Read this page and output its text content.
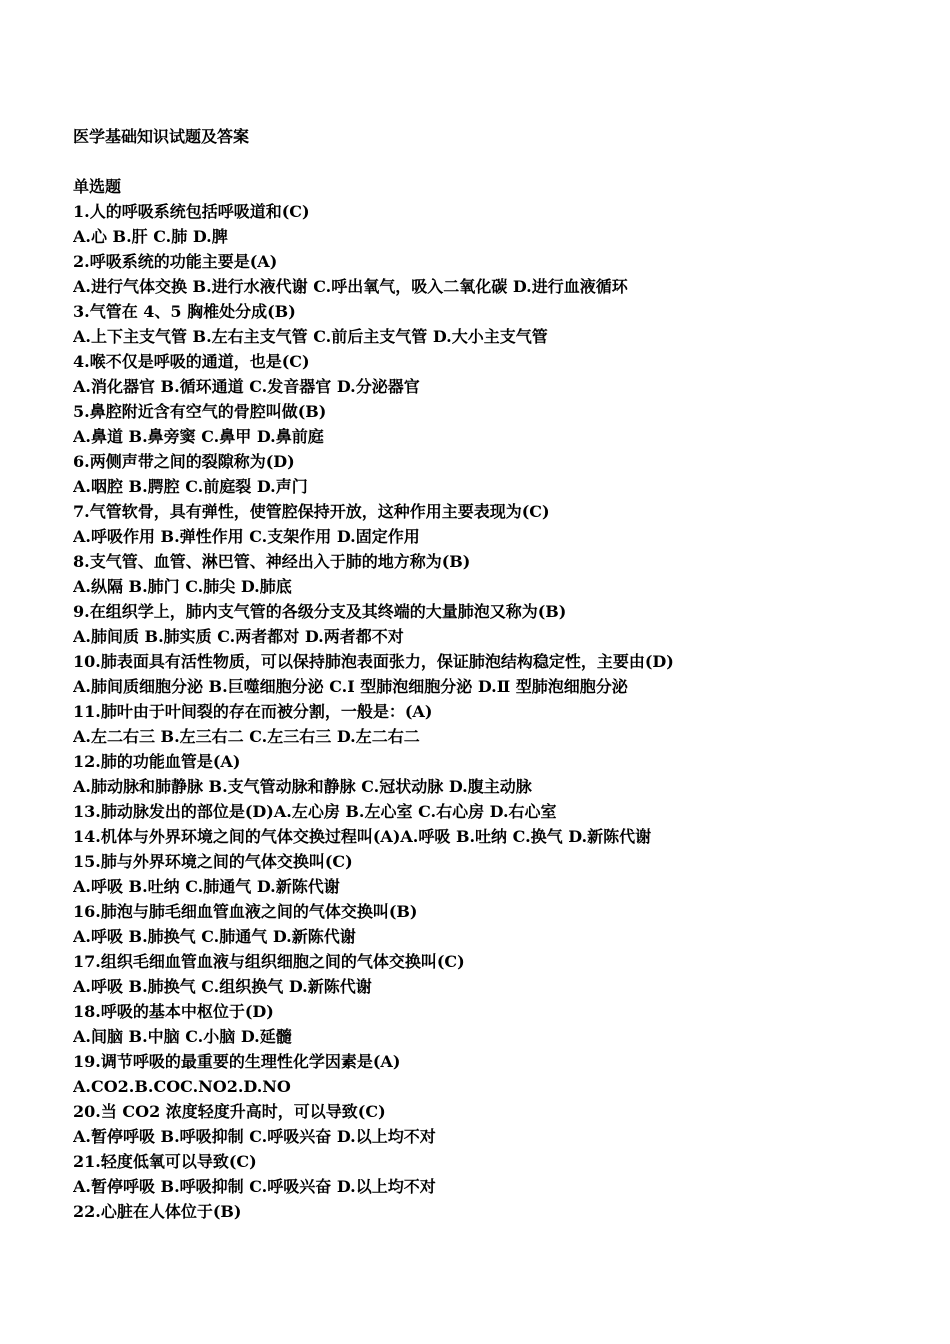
医学基础知识试题及答案
单选题
1.人的呼吸系统包括呼吸道和(C)
A.心 B.肝 C.肺 D.脾
2.呼吸系统的功能主要是(A)
A.进行气体交换 B.进行水液代谢 C.呼出氧气，吸入二氧化碳 D.进行血液循环
3.气管在 4、5 胸椎处分成(B)
A.上下主支气管 B.左右主支气管 C.前后主支气管 D.大小主支气管
4.喉不仅是呼吸的通道，也是(C)
A.消化器官 B.循环通道 C.发音器官 D.分泌器官
5.鼻腔附近含有空气的骨腔叫做(B)
A.鼻道 B.鼻旁窦 C.鼻甲 D.鼻前庭
6.两侧声带之间的裂隙称为(D)
A.咽腔 B.腭腔 C.前庭裂 D.声门
7.气管软骨，具有弹性，使管腔保持开放，这种作用主要表现为(C)
A.呼吸作用 B.弹性作用 C.支架作用 D.固定作用
8.支气管、血管、淋巴管、神经出入于肺的地方称为(B)
A.纵隔 B.肺门 C.肺尖 D.肺底
9.在组织学上，肺内支气管的各级分支及其终端的大量肺泡又称为(B)
A.肺间质 B.肺实质 C.两者都对 D.两者都不对
10.肺表面具有活性物质，可以保持肺泡表面张力，保证肺泡结构稳定性，主要由(D)
A.肺间质细胞分泌 B.巨噬细胞分泌 C.Ⅰ 型肺泡细胞分泌 D.Ⅱ 型肺泡细胞分泌
11.肺叶由于叶间裂的存在而被分割，一般是：(A)
A.左二右三 B.左三右二 C.左三右三 D.左二右二
12.肺的功能血管是(A)
A.肺动脉和肺静脉 B.支气管动脉和静脉 C.冠状动脉 D.腹主动脉
13.肺动脉发出的部位是(D)A.左心房 B.左心室 C.右心房 D.右心室
14.机体与外界环境之间的气体交换过程叫(A)A.呼吸 B.吐纳 C.换气 D.新陈代谢
15.肺与外界环境之间的气体交换叫(C)
A.呼吸 B.吐纳 C.肺通气 D.新陈代谢
16.肺泡与肺毛细血管血液之间的气体交换叫(B)
A.呼吸 B.肺换气 C.肺通气 D.新陈代谢
17.组织毛细血管血液与组织细胞之间的气体交换叫(C)
A.呼吸 B.肺换气 C.组织换气 D.新陈代谢
18.呼吸的基本中枢位于(D)
A.间脑 B.中脑 C.小脑 D.延髓
19.调节呼吸的最重要的生理性化学因素是(A)
A.CO2.B.COC.NO2.D.NO
20.当 CO2 浓度轻度升高时，可以导致(C)
A.暂停呼吸 B.呼吸抑制 C.呼吸兴奋 D.以上均不对
21.轻度低氧可以导致(C)
A.暂停呼吸 B.呼吸抑制 C.呼吸兴奋 D.以上均不对
22.心脏在人体位于(B)
